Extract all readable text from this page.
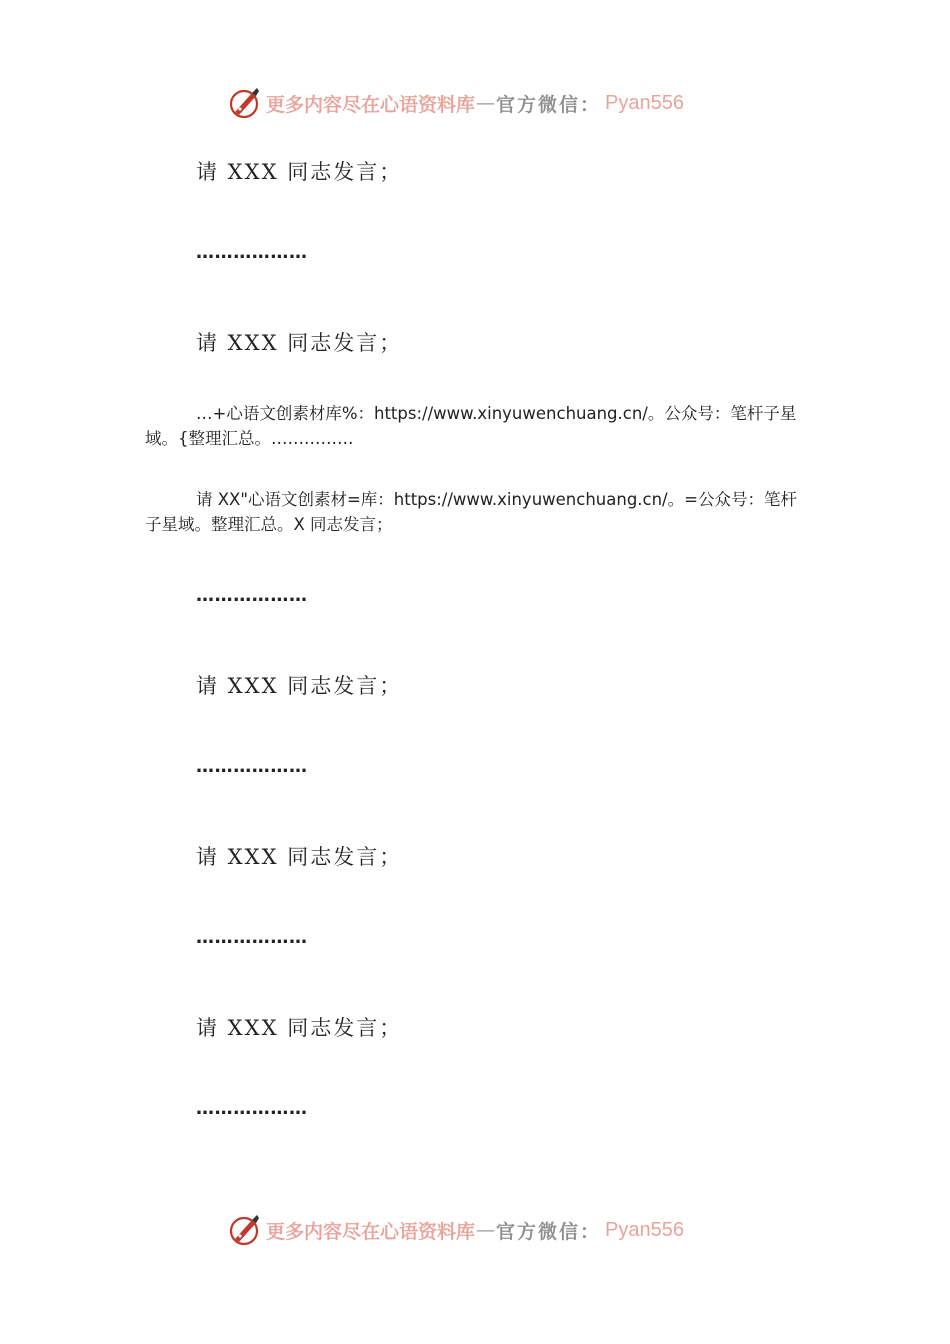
更多内容尽在心语资料库 — 官方微信： Pyan556
请 XXX 同志发言；
………………
请 XXX 同志发言；
…+心语文创素材库%：https://www.xinyuwenchuang.cn/。公众号：笔杆子星域。{整理汇总。……………
请 XX"心语文创素材=库：https://www.xinyuwenchuang.cn/。=公众号：笔杆子星域。整理汇总。X 同志发言；
………………
请 XXX 同志发言；
………………
请 XXX 同志发言；
………………
请 XXX 同志发言；
………………
更多内容尽在心语资料库 — 官方微信： Pyan556
